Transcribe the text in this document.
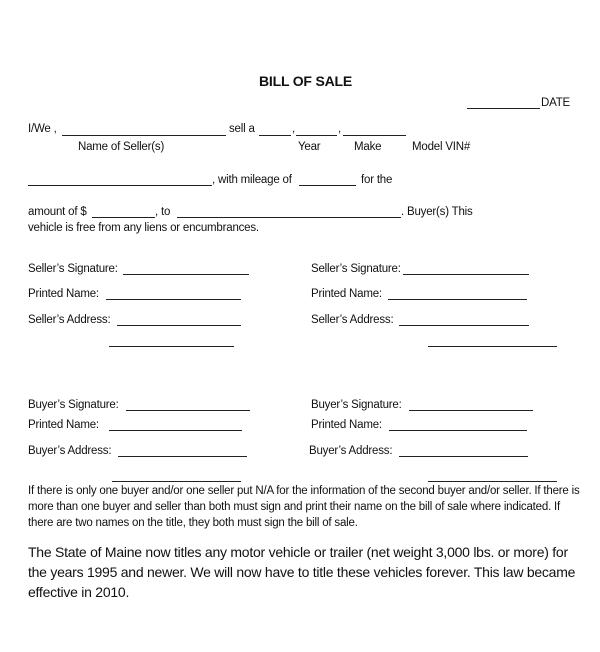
BILL OF SALE
DATE
I/We ,	sell a	,	,
Name of Seller(s)	Year	Make	Model VIN#
, with mileage of	for the
amount of $	, to	. Buyer(s) This
vehicle is free from any liens or encumbrances.
Seller’s Signature:
Printed Name:
Seller’s Address:
Seller’s Signature:
Printed Name:
Seller’s Address:
Buyer’s Signature:
Printed Name:
Buyer’s Address:
Buyer’s Signature:
Printed Name:
Buyer’s Address:
If there is only one buyer and/or one seller put N/A for the information of the second buyer and/or seller. If there is more than one buyer and seller than both must sign and print their name on the bill of sale where indicated. If there are two names on the title, they both must sign the bill of sale.
The State of Maine now titles any motor vehicle or trailer (net weight 3,000 lbs. or more) for the years 1995 and newer. We will now have to title these vehicles forever. This law became effective in 2010.
